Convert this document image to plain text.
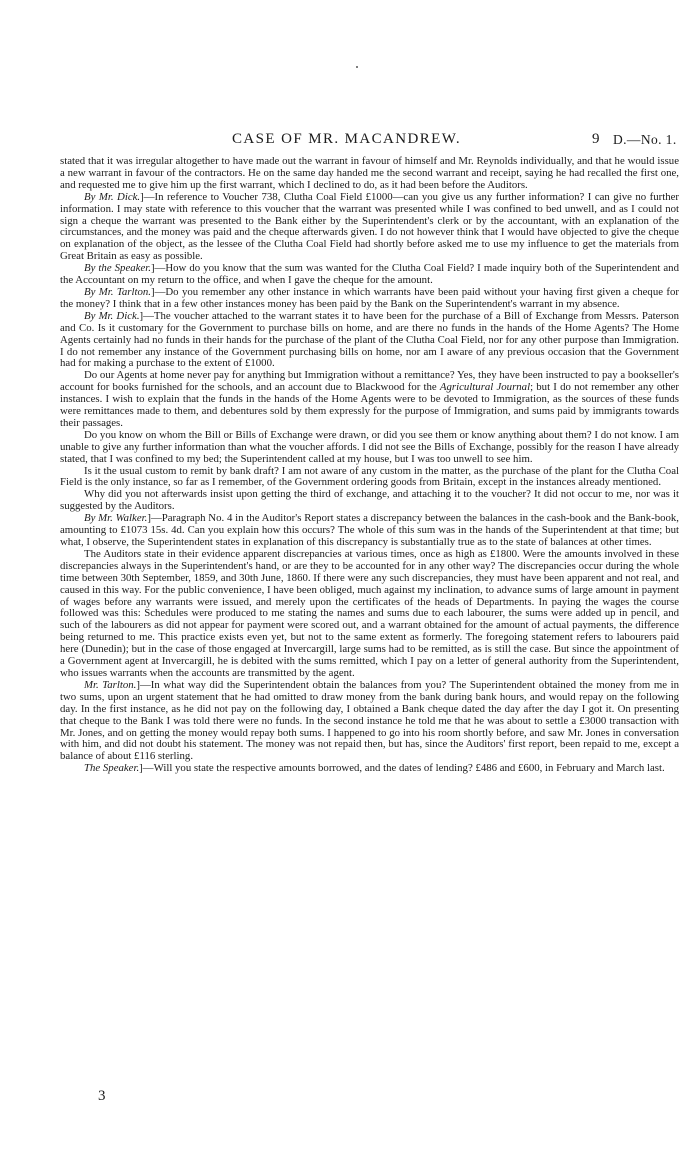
CASE OF MR. MACANDREW.	9 D.—No. 1.

stated that it was irregular altogether to have made out the warrant in favour of himself and Mr. Reynolds individually, and that he would issue a new warrant in favour of the contractors. He on the same day handed me the second warrant and receipt, saying he had recalled the first one, and requested me to give him up the first warrant, which I declined to do, as it had been before the Auditors.

By Mr. Dick.]—In reference to Voucher 738, Clutha Coal Field £1000—can you give us any further information? I can give no further information. I may state with reference to this voucher that the warrant was presented while I was confined to bed unwell, and as I could not sign a cheque the warrant was presented to the Bank either by the Superintendent's clerk or by the accountant, with an explanation of the circumstances, and the money was paid and the cheque afterwards given. I do not however think that I would have objected to give the cheque on explanation of the object, as the lessee of the Clutha Coal Field had shortly before asked me to use my influence to get the materials from Great Britain as easy as possible.

By the Speaker.]—How do you know that the sum was wanted for the Clutha Coal Field? I made inquiry both of the Superintendent and the Accountant on my return to the office, and when I gave the cheque for the amount.

By Mr. Tarlton.]—Do you remember any other instance in which warrants have been paid without your having first given a cheque for the money? I think that in a few other instances money has been paid by the Bank on the Superintendent's warrant in my absence.

By Mr. Dick.]—The voucher attached to the warrant states it to have been for the purchase of a Bill of Exchange from Messrs. Paterson and Co. Is it customary for the Government to purchase bills on home, and are there no funds in the hands of the Home Agents? The Home Agents certainly had no funds in their hands for the purchase of the plant of the Clutha Coal Field, nor for any other purpose than Immigration. I do not remember any instance of the Government purchasing bills on home, nor am I aware of any previous occasion that the Government had for making a purchase to the extent of £1000.

Do our Agents at home never pay for anything but Immigration without a remittance? Yes, they have been instructed to pay a bookseller's account for books furnished for the schools, and an account due to Blackwood for the Agricultural Journal; but I do not remember any other instances. I wish to explain that the funds in the hands of the Home Agents were to be devoted to Immigration, as the sources of these funds were remittances made to them, and debentures sold by them expressly for the purpose of Immigration, and sums paid by immigrants towards their passages.

Do you know on whom the Bill or Bills of Exchange were drawn, or did you see them or know anything about them? I do not know. I am unable to give any further information than what the voucher affords. I did not see the Bills of Exchange, possibly for the reason I have already stated, that I was confined to my bed; the Superintendent called at my house, but I was too unwell to see him.

Is it the usual custom to remit by bank draft? I am not aware of any custom in the matter, as the purchase of the plant for the Clutha Coal Field is the only instance, so far as I remember, of the Government ordering goods from Britain, except in the instances already mentioned.

Why did you not afterwards insist upon getting the third of exchange, and attaching it to the voucher? It did not occur to me, nor was it suggested by the Auditors.

By Mr. Walker.]—Paragraph No. 4 in the Auditor's Report states a discrepancy between the balances in the cash-book and the Bank-book, amounting to £1073 15s. 4d. Can you explain how this occurs? The whole of this sum was in the hands of the Superintendent at that time; but what, I observe, the Superintendent states in explanation of this discrepancy is substantially true as to the state of balances at other times.

The Auditors state in their evidence apparent discrepancies at various times, once as high as £1800. Were the amounts involved in these discrepancies always in the Superintendent's hand, or are they to be accounted for in any other way? The discrepancies occur during the whole time between 30th September, 1859, and 30th June, 1860. If there were any such discrepancies, they must have been apparent and not real, and caused in this way. For the public convenience, I have been obliged, much against my inclination, to advance sums of large amount in payment of wages before any warrants were issued, and merely upon the certificates of the heads of Departments. In paying the wages the course followed was this: Schedules were produced to me stating the names and sums due to each labourer, the sums were added up in pencil, and such of the labourers as did not appear for payment were scored out, and a warrant obtained for the amount of actual payments, the difference being returned to me. This practice exists even yet, but not to the same extent as formerly. The foregoing statement refers to labourers paid here (Dunedin); but in the case of those engaged at Invercargill, large sums had to be remitted, as is still the case. But since the appointment of a Government agent at Invercargill, he is debited with the sums remitted, which I pay on a letter of general authority from the Superintendent, who issues warrants when the accounts are transmitted by the agent.

Mr. Tarlton.]—In what way did the Superintendent obtain the balances from you? The Superintendent obtained the money from me in two sums, upon an urgent statement that he had omitted to draw money from the bank during bank hours, and would repay on the following day. In the first instance, as he did not pay on the following day, I obtained a Bank cheque dated the day after the day I got it. On presenting that cheque to the Bank I was told there were no funds. In the second instance he told me that he was about to settle a £3000 transaction with Mr. Jones, and on getting the money would repay both sums. I happened to go into his room shortly before, and saw Mr. Jones in conversation with him, and did not doubt his statement. The money was not repaid then, but has, since the Auditors' first report, been repaid to me, except a balance of about £116 sterling.

The Speaker.]—Will you state the respective amounts borrowed, and the dates of lending? £486 and £600, in February and March last.

3
